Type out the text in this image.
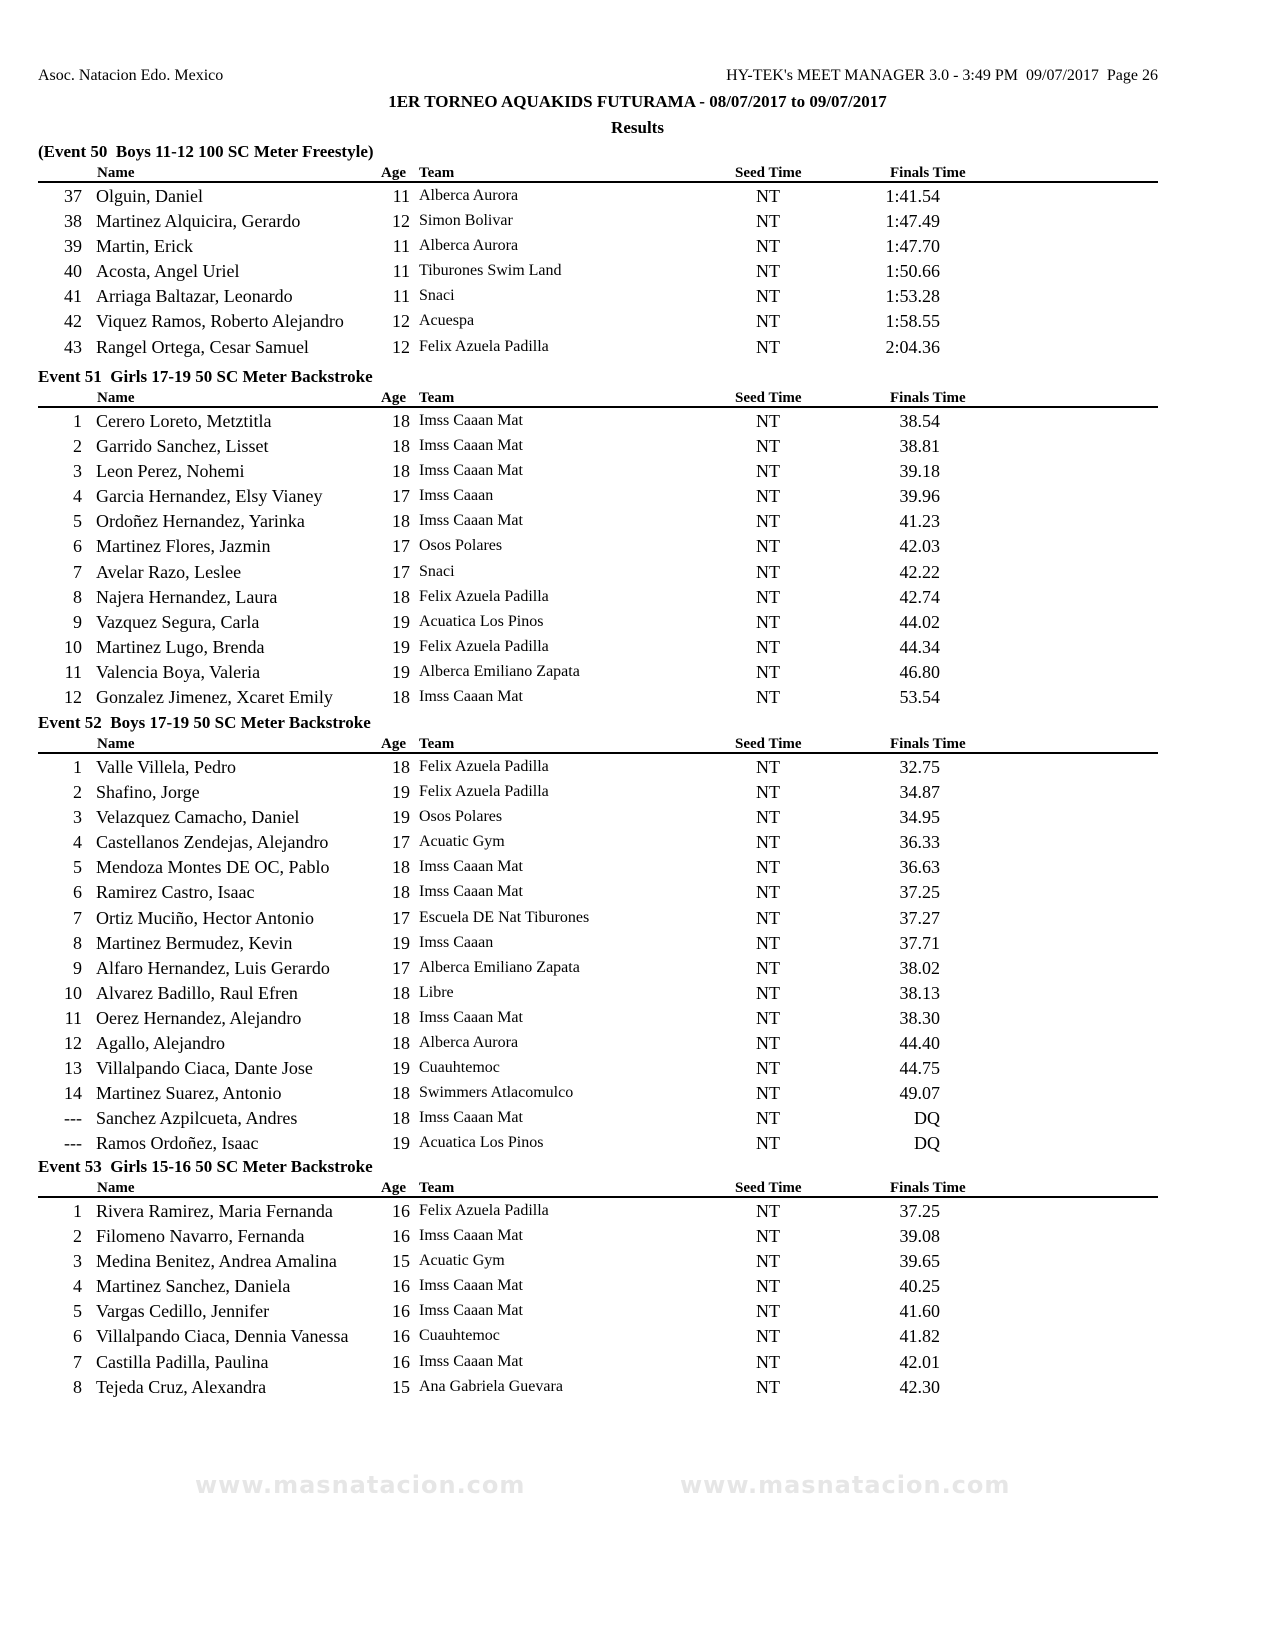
Asoc. Natacion Edo. Mexico	HY-TEK's MEET MANAGER 3.0 - 3:49 PM  09/07/2017  Page 26
1ER TORNEO AQUAKIDS FUTURAMA - 08/07/2017 to 09/07/2017
Results
(Event 50  Boys 11-12 100 SC Meter Freestyle)
Name	Age Team	Seed Time	Finals Time
37 Olguin, Daniel	11 Alberca Aurora	NT	1:41.54
38 Martinez Alquicira, Gerardo	12 Simon Bolivar	NT	1:47.49
39 Martin, Erick	11 Alberca Aurora	NT	1:47.70
40 Acosta, Angel Uriel	11 Tiburones Swim Land	NT	1:50.66
41 Arriaga Baltazar, Leonardo	11 Snaci	NT	1:53.28
42 Viquez Ramos, Roberto Alejandro	12 Acuespa	NT	1:58.55
43 Rangel Ortega, Cesar Samuel	12 Felix Azuela Padilla	NT	2:04.36
Event 51  Girls 17-19 50 SC Meter Backstroke
Name	Age Team	Seed Time	Finals Time
1 Cerero Loreto, Metztitla	18 Imss Caaan Mat	NT	38.54
2 Garrido Sanchez, Lisset	18 Imss Caaan Mat	NT	38.81
3 Leon Perez, Nohemi	18 Imss Caaan Mat	NT	39.18
4 Garcia Hernandez, Elsy Vianey	17 Imss Caaan	NT	39.96
5 Ordoñez Hernandez, Yarinka	18 Imss Caaan Mat	NT	41.23
6 Martinez Flores, Jazmin	17 Osos Polares	NT	42.03
7 Avelar Razo, Leslee	17 Snaci	NT	42.22
8 Najera Hernandez, Laura	18 Felix Azuela Padilla	NT	42.74
9 Vazquez Segura, Carla	19 Acuatica Los Pinos	NT	44.02
10 Martinez Lugo, Brenda	19 Felix Azuela Padilla	NT	44.34
11 Valencia Boya, Valeria	19 Alberca Emiliano Zapata	NT	46.80
12 Gonzalez Jimenez, Xcaret Emily	18 Imss Caaan Mat	NT	53.54
Event 52  Boys 17-19 50 SC Meter Backstroke
Name	Age Team	Seed Time	Finals Time
1 Valle Villela, Pedro	18 Felix Azuela Padilla	NT	32.75
2 Shafino, Jorge	19 Felix Azuela Padilla	NT	34.87
3 Velazquez Camacho, Daniel	19 Osos Polares	NT	34.95
4 Castellanos Zendejas, Alejandro	17 Acuatic Gym	NT	36.33
5 Mendoza Montes DE OC, Pablo	18 Imss Caaan Mat	NT	36.63
6 Ramirez Castro, Isaac	18 Imss Caaan Mat	NT	37.25
7 Ortiz Muciño, Hector Antonio	17 Escuela DE Nat Tiburones	NT	37.27
8 Martinez Bermudez, Kevin	19 Imss Caaan	NT	37.71
9 Alfaro Hernandez, Luis Gerardo	17 Alberca Emiliano Zapata	NT	38.02
10 Alvarez Badillo, Raul Efren	18 Libre	NT	38.13
11 Oerez Hernandez, Alejandro	18 Imss Caaan Mat	NT	38.30
12 Agallo, Alejandro	18 Alberca Aurora	NT	44.40
13 Villalpando Ciaca, Dante Jose	19 Cuauhtemoc	NT	44.75
14 Martinez Suarez, Antonio	18 Swimmers Atlacomulco	NT	49.07
--- Sanchez Azpilcueta, Andres	18 Imss Caaan Mat	NT	DQ
--- Ramos Ordoñez, Isaac	19 Acuatica Los Pinos	NT	DQ
Event 53  Girls 15-16 50 SC Meter Backstroke
Name	Age Team	Seed Time	Finals Time
1 Rivera Ramirez, Maria Fernanda	16 Felix Azuela Padilla	NT	37.25
2 Filomeno Navarro, Fernanda	16 Imss Caaan Mat	NT	39.08
3 Medina Benitez, Andrea Amalina	15 Acuatic Gym	NT	39.65
4 Martinez Sanchez, Daniela	16 Imss Caaan Mat	NT	40.25
5 Vargas Cedillo, Jennifer	16 Imss Caaan Mat	NT	41.60
6 Villalpando Ciaca, Dennia Vanessa	16 Cuauhtemoc	NT	41.82
7 Castilla Padilla, Paulina	16 Imss Caaan Mat	NT	42.01
8 Tejeda Cruz, Alexandra	15 Ana Gabriela Guevara	NT	42.30
www.masnatacion.com	www.masnatacion.com
